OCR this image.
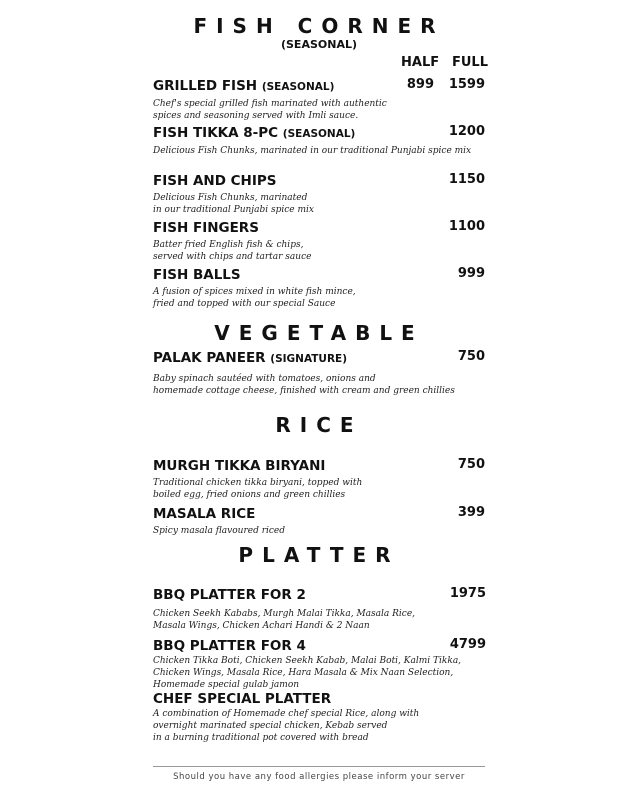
FISH CORNER
(SEASONAL)
HALF FULL
GRILLED FISH (SEASONAL)
Chef's special grilled fish marinated with authentic
spices and seasoning served with Imli sauce.
899	1599
FISH TIKKA 8-PC (SEASONAL)
Delicious Fish Chunks, marinated in our traditional Punjabi spice mix
1200
FISH AND CHIPS
Delicious Fish Chunks, marinated
in our traditional Punjabi spice mix
1150
FISH FINGERS
Batter fried English fish & chips,
served with chips and tartar sauce
1100
FISH BALLS
A fusion of spices mixed in white fish mince,
fried and topped with our special Sauce
999
VEGETABLE
PALAK PANEER (SIGNATURE)
Baby spinach sautéed with tomatoes, onions and
homemade cottage cheese, finished with cream and green chillies
750
RICE
MURGH TIKKA BIRYANI
Traditional chicken tikka biryani, topped with
boiled egg, fried onions and green chillies
750
MASALA RICE
Spicy masala flavoured riced
399
PLATTER
BBQ PLATTER FOR 2
Chicken Seekh Kababs, Murgh Malai Tikka, Masala Rice,
Masala Wings, Chicken Achari Handi & 2 Naan
1975
BBQ PLATTER FOR 4
Chicken Tikka Boti, Chicken Seekh Kabab, Malai Boti, Kalmi Tikka,
Chicken Wings, Masala Rice, Hara Masala & Mix Naan Selection,
Homemade special gulab jamon
4799
CHEF SPECIAL PLATTER
A combination of Homemade chef special Rice, along with
overnight marinated special chicken, Kebab served
in a burning traditional pot covered with bread
Should you have any food allergies please inform your server
